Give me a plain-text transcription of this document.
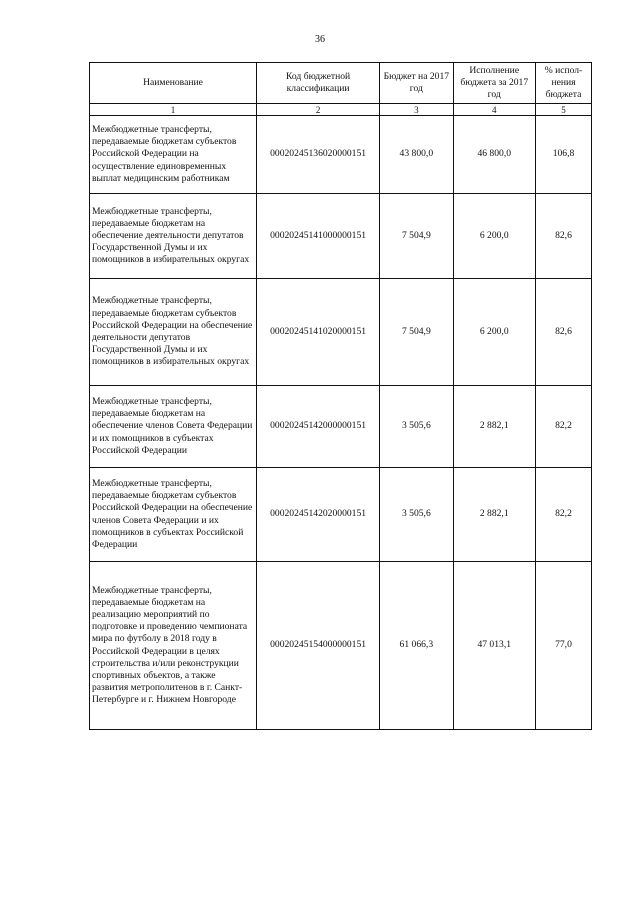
36
Наименование	Код бюджетной классификации	Бюджет на 2017 год	Исполнение бюджета за 2017 год	% испол-нения бюджета
1	2	3	4	5
Межбюджетные трансферты, передаваемые бюджетам субъектов Российской Федерации на осуществление единовременных выплат медицинским работникам	00020245136020000151	43 800,0	46 800,0	106,8
Межбюджетные трансферты, передаваемые бюджетам на обеспечение деятельности депутатов Государственной Думы и их помощников в избирательных округах	00020245141000000151	7 504,9	6 200,0	82,6
Межбюджетные трансферты, передаваемые бюджетам субъектов Российской Федерации на обеспечение деятельности депутатов Государственной Думы и их помощников в избирательных округах	00020245141020000151	7 504,9	6 200,0	82,6
Межбюджетные трансферты, передаваемые бюджетам на обеспечение членов Совета Федерации и их помощников в субъектах Российской Федерации	00020245142000000151	3 505,6	2 882,1	82,2
Межбюджетные трансферты, передаваемые бюджетам субъектов Российской Федерации на обеспечение членов Совета Федерации и их помощников в субъектах Российской Федерации	00020245142020000151	3 505,6	2 882,1	82,2
Межбюджетные трансферты, передаваемые бюджетам на реализацию мероприятий по подготовке и проведению чемпионата мира по футболу в 2018 году в Российской Федерации в целях строительства и/или реконструкции спортивных объектов, а также развития метрополитенов в г. Санкт-Петербурге и г. Нижнем Новгороде	00020245154000000151	61 066,3	47 013,1	77,0
